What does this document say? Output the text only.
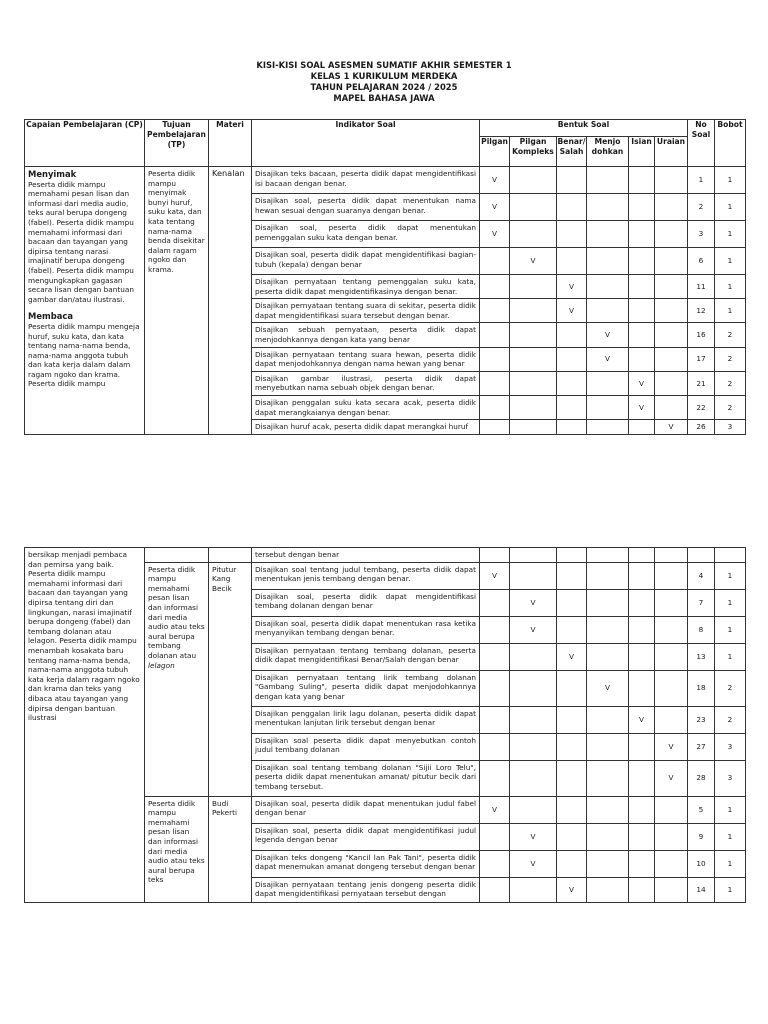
KISI-KISI SOAL ASESMEN SUMATIF AKHIR SEMESTER 1
KELAS 1 KURIKULUM MERDEKA
TAHUN PELAJARAN 2024 / 2025
MAPEL BAHASA JAWA
Capaian Pembelajaran (CP)	Tujuan Pembelajaran (TP)	Materi	Indikator Soal	Bentuk Soal						No Soal	Bobot
				Pilgan	Pilgan Kompleks	Benar/ Salah	Menjo dohkan	Isian	Uraian		

Menyimak
Peserta didik mampu memahami pesan lisan dan informasi dari media audio, teks aural berupa dongeng (fabel). Peserta didik mampu memahami informasi dari bacaan dan tayangan yang dipirsa tentang narasi imajinatif berupa dongeng (fabel). Peserta didik mampu mengungkapkan gagasan secara lisan dengan bantuan gambar dan/atau ilustrasi.
Membaca
Peserta didik mampu mengeja huruf, suku kata, dan kata tentang nama-nama benda, nama-nama anggota tubuh dan kata kerja dalam dalam ragam ngoko dan krama. Peserta didik mampu	Peserta didik mampu menyimak bunyi huruf, suku kata, dan kata tentang nama-nama benda disekitar dalam ragam ngoko dan krama.	Kenalan	Disajikan teks bacaan, peserta didik dapat mengidentifikasi isi bacaan dengan benar.	V						1	1
			Disajikan soal, peserta didik dapat menentukan nama hewan sesuai dengan suaranya dengan benar.	V						2	1
			Disajikan soal, peserta didik dapat menentukan pemenggalan suku kata dengan benar.	V						3	1
			Disajikan soal, peserta didik dapat mengidentifikasi bagian-tubuh (kepala) dengan benar		V					6	1
			Disajikan pernyataan tentang pemenggalan suku kata, peserta didik dapat mengidentifikasinya dengan benar.			V				11	1
			Disajikan pernyataan tentang suara di sekitar, peserta didik dapat mengidentifikasi suara tersebut dengan benar.			V				12	1
			Disajikan sebuah pernyataan, peserta didik dapat menjodohkannya dengan kata yang benar				V			16	2
			Disajikan pernyataan tentang suara hewan, peserta didik dapat menjodohkannya dengan nama hewan yang benar				V			17	2
			Disajikan gambar ilustrasi, peserta didik dapat menyebutkan nama sebuah objek dengan benar.					V		21	2
			Disajikan penggalan suku kata secara acak, peserta didik dapat merangkaianya dengan benar.					V		22	2
			Disajikan huruf acak, peserta didik dapat merangkai huruf						V	26	3
bersikap menjadi pembaca dan pemirsa yang baik. Peserta didik mampu memahami informasi dari bacaan dan tayangan yang dipirsa tentang diri dan lingkungan, narasi imajinatif berupa dongeng (fabel) dan tembang dolanan atau lelagon. Peserta didik mampu menambah kosakata baru tentang nama-nama benda, nama-nama anggota tubuh kata kerja dalam ragam ngoko dan krama dan teks yang dibaca atau tayangan yang dipirsa dengan bantuan ilustrasi			tersebut dengan benar								
	Peserta didik mampu memahami pesan lisan dan informasi dari media audio atau teks aural berupa tembang dolanan atau lelagon	Pitutur Kang Becik	Disajikan soal tentang judul tembang, peserta didik dapat menentukan jenis tembang dengan benar.	V						4	1
			Disajikan soal, peserta didik dapat mengidentifikasi tembang dolanan dengan benar		V					7	1
			Disajikan soal, peserta didik dapat menentukan rasa ketika menyanyikan tembang dengan benar.		V					8	1
			Disajikan pernyataan tentang tembang dolanan, peserta didik dapat mengidentifikasi Benar/Salah dengan benar			V				13	1
			Disajikan pernyataan tentang lirik tembang dolanan "Gambang Suling", peserta didik dapat menjodohkannya dengan kata yang benar				V			18	2
			Disajikan penggalan lirik lagu dolanan, peserta didik dapat menentukan lanjutan lirik tersebut dengan benar					V		23	2
			Disajikan soal peserta didik dapat menyebutkan contoh judul tembang dolanan						V	27	3
			Disajikan soal tentang tembang dolanan "Sijii Loro Telu", peserta didik dapat menentukan amanat/ pitutur becik dari tembang tersebut.						V	28	3
	Peserta didik mampu memahami pesan lisan dan informasi dari media audio atau teks aural berupa teks	Budi Pekerti	Disajikan soal, peserta didik dapat menentukan judul fabel dengan benar	V						5	1
			Disajikan soal, peserta didik dapat mengidentifikasi judul legenda dengan benar		V					9	1
			Disajikan teks dongeng "Kancil lan Pak Tani", peserta didik dapat menemukan amanat dongeng tersebut dengan benar		V					10	1
			Disajikan pernyataan tentang jenis dongeng peserta didik dapat mengidentifikasi pernyataan tersebut dengan			V				14	1
